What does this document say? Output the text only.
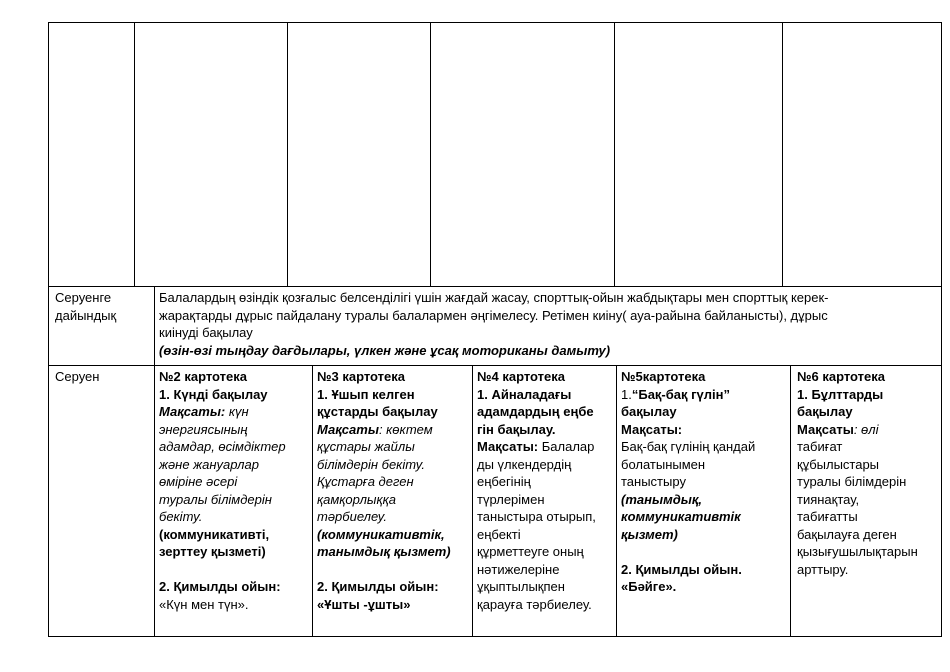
Серуенге

дайындық

Балалардың өзіндік қозғалыс белсенділігі үшін жағдай жасау, спорттық-ойын жабдықтары мен спорттық керек-

жарақтарды дұрыс пайдалану туралы балалармен әңгімелесу. Ретімен киіну( ауа-райына байланысты), дұрыс

киінуді бақылау

(өзін-өзі тыңдау дағдылары, үлкен және ұсақ моториканы дамыту)

Серуен	№2 картотека

1. Күнді бақылау

Мақсаты: күн

энергиясының

адамдар, өсімдіктер

және жануарлар

өміріне әсері

туралы білімдерін

бекіту.

(коммуникативті,

зерттеу қызметі)

2. Қимылды ойын:

«Күн мен түн».

№3 картотека

1. Ұшып келген

құстарды бақылау

Мақсаты: көктем

құстары жайлы

білімдерін бекіту.

Құстарға деген

қамқорлыққа

тәрбиелеу.

(коммуникативтік,

танымдық қызмет)

2. Қимылды ойын:

«Ұшты -ұшты»

№4 картотека

1. Айналадағы

адамдардың еңбе

гін бақылау.

Мақсаты: Балалар

ды үлкендердің

еңбегінің

түрлерімен

таныстыра отырып,

еңбекті

құрметтеуге оның

нәтижелеріне

ұқыптылықпен

қарауға тәрбиелеу.

№5картотека

1.“Бақ-бақ гүлін”

бақылау

Мақсаты:

Бақ-бақ гүлінің қандай

болатынымен

таныстыру

(танымдық,

коммуникативтік

қызмет)

2. Қимылды ойын.

«Бәйге».

№6 картотека

1. Бұлттарды

бақылау

Мақсаты: өлі

табиғат

құбылыстары

туралы білімдерін

тиянақтау,

табиғатты

бақылауға деген

қызығушылықтарын

арттыру.
